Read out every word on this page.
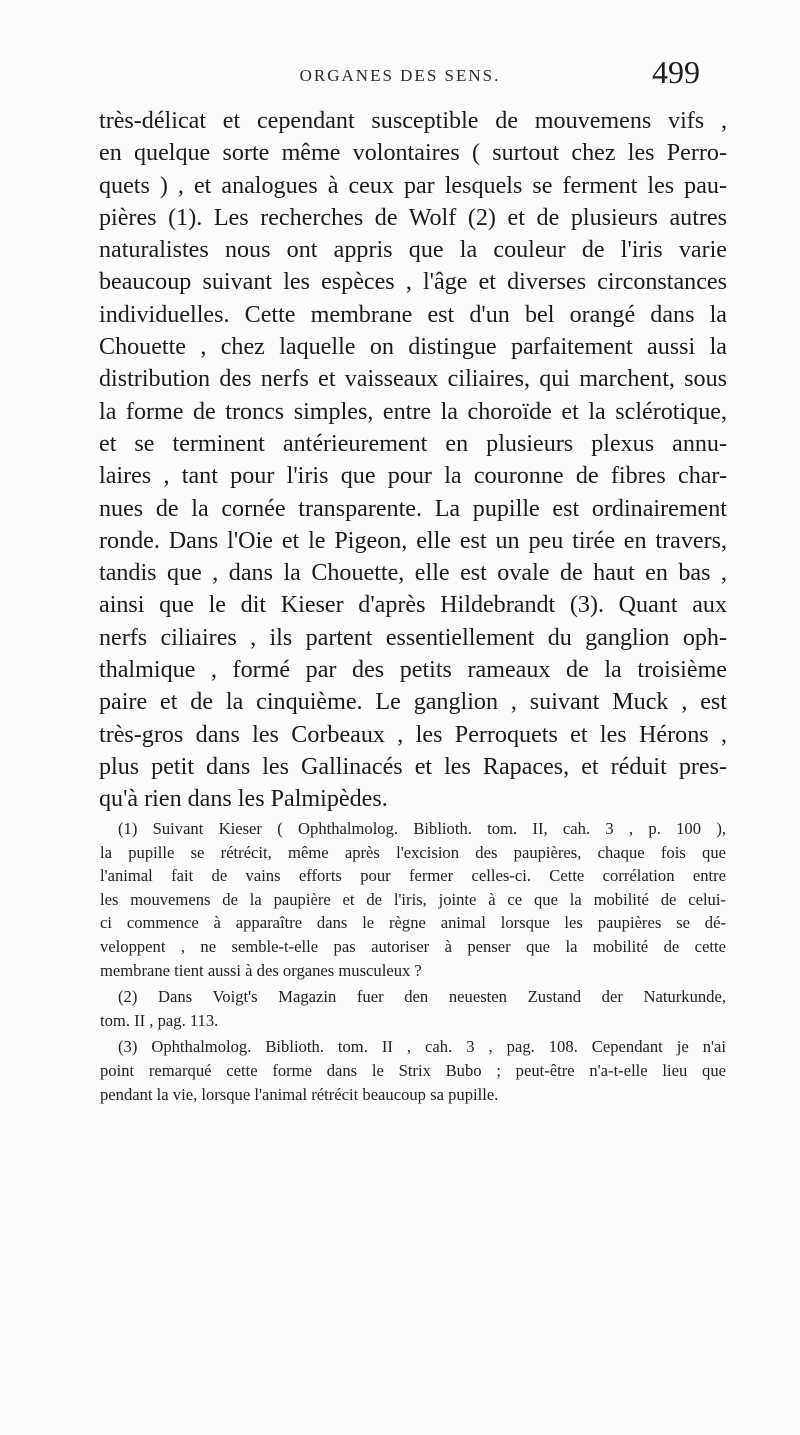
ORGANES DES SENS.	499
très-délicat et cependant susceptible de mouvemens vifs ,
en quelque sorte même volontaires ( surtout chez les Perro-
quets ) , et analogues à ceux par lesquels se ferment les pau-
pières (1). Les recherches de Wolf (2) et de plusieurs autres
naturalistes nous ont appris que la couleur de l'iris varie
beaucoup suivant les espèces , l'âge et diverses circonstances
individuelles. Cette membrane est d'un bel orangé dans la
Chouette , chez laquelle on distingue parfaitement aussi la
distribution des nerfs et vaisseaux ciliaires, qui marchent, sous
la forme de troncs simples, entre la choroïde et la sclérotique,
et se terminent antérieurement en plusieurs plexus annu-
laires , tant pour l'iris que pour la couronne de fibres char-
nues de la cornée transparente. La pupille est ordinairement
ronde. Dans l'Oie et le Pigeon, elle est un peu tirée en travers,
tandis que , dans la Chouette, elle est ovale de haut en bas ,
ainsi que le dit Kieser d'après Hildebrandt (3). Quant aux
nerfs ciliaires , ils partent essentiellement du ganglion oph-
thalmique , formé par des petits rameaux de la troisième
paire et de la cinquième. Le ganglion , suivant Muck , est
très-gros dans les Corbeaux , les Perroquets et les Hérons ,
plus petit dans les Gallinacés et les Rapaces, et réduit pres-
qu'à rien dans les Palmipèdes.
(1) Suivant Kieser ( Ophthalmolog. Biblioth. tom. II, cah. 3 , p. 100 ),
la pupille se rétrécit, même après l'excision des paupières, chaque fois que
l'animal fait de vains efforts pour fermer celles-ci. Cette corrélation entre
les mouvemens de la paupière et de l'iris, jointe à ce que la mobilité de celui-
ci commence à apparaître dans le règne animal lorsque les paupières se dé-
veloppent , ne semble-t-elle pas autoriser à penser que la mobilité de cette
membrane tient aussi à des organes musculeux ?
(2) Dans Voigt's Magazin fuer den neuesten Zustand der Naturkunde,
tom. II , pag. 113.
(3) Ophthalmolog. Biblioth. tom. II , cah. 3 , pag. 108. Cependant je n'ai
point remarqué cette forme dans le Strix Bubo ; peut-être n'a-t-elle lieu que
pendant la vie, lorsque l'animal rétrécit beaucoup sa pupille.
